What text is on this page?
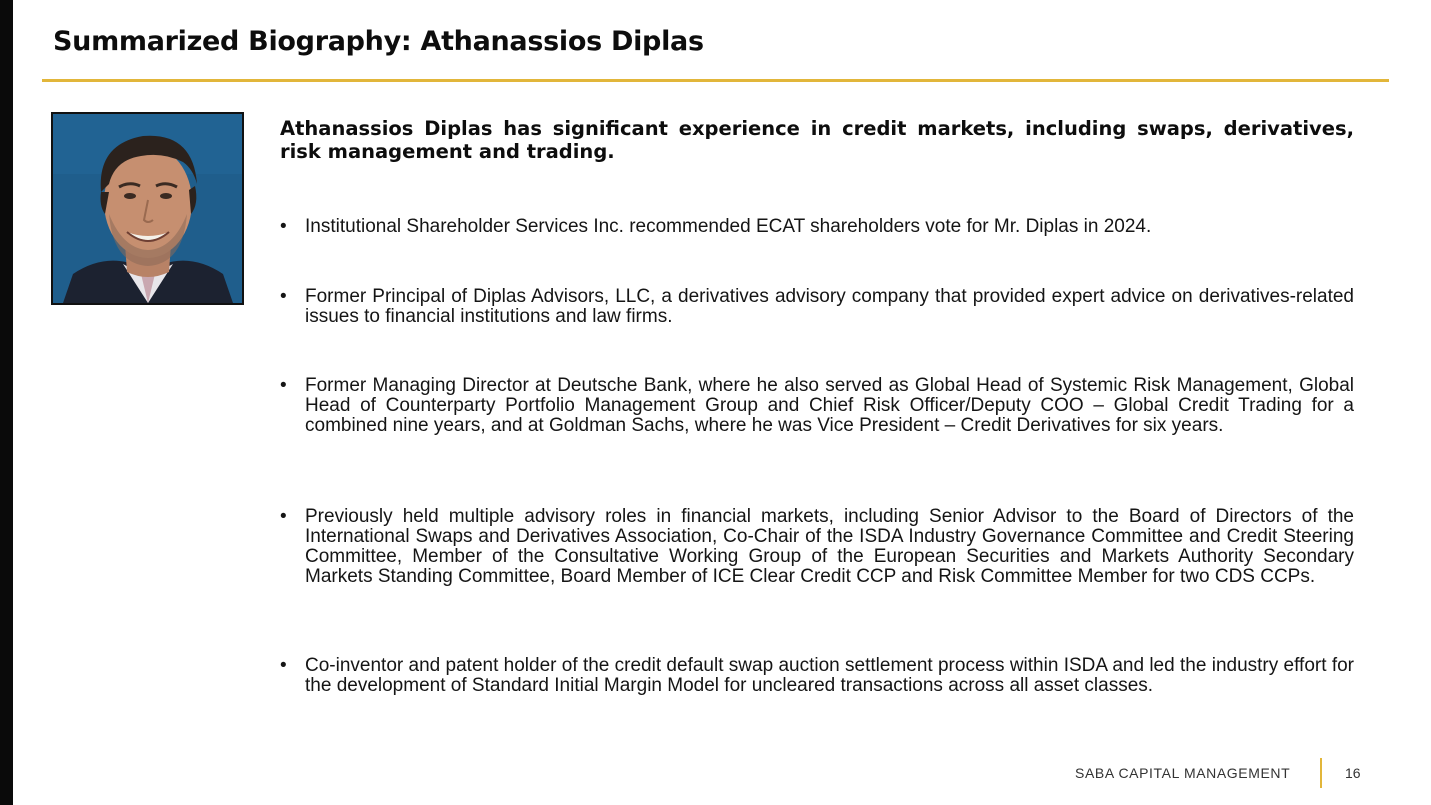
Summarized Biography: Athanassios Diplas

Athanassios Diplas has significant experience in credit markets, including swaps, derivatives, risk management and trading.

• Institutional Shareholder Services Inc. recommended ECAT shareholders vote for Mr. Diplas in 2024.
• Former Principal of Diplas Advisors, LLC, a derivatives advisory company that provided expert advice on derivatives-related issues to financial institutions and law firms.
• Former Managing Director at Deutsche Bank, where he also served as Global Head of Systemic Risk Management, Global Head of Counterparty Portfolio Management Group and Chief Risk Officer/Deputy COO – Global Credit Trading for a combined nine years, and at Goldman Sachs, where he was Vice President – Credit Derivatives for six years.
• Previously held multiple advisory roles in financial markets, including Senior Advisor to the Board of Directors of the International Swaps and Derivatives Association, Co-Chair of the ISDA Industry Governance Committee and Credit Steering Committee, Member of the Consultative Working Group of the European Securities and Markets Authority Secondary Markets Standing Committee, Board Member of ICE Clear Credit CCP and Risk Committee Member for two CDS CCPs.
• Co-inventor and patent holder of the credit default swap auction settlement process within ISDA and led the industry effort for the development of Standard Initial Margin Model for uncleared transactions across all asset classes.
SABA CAPITAL MANAGEMENT	16
